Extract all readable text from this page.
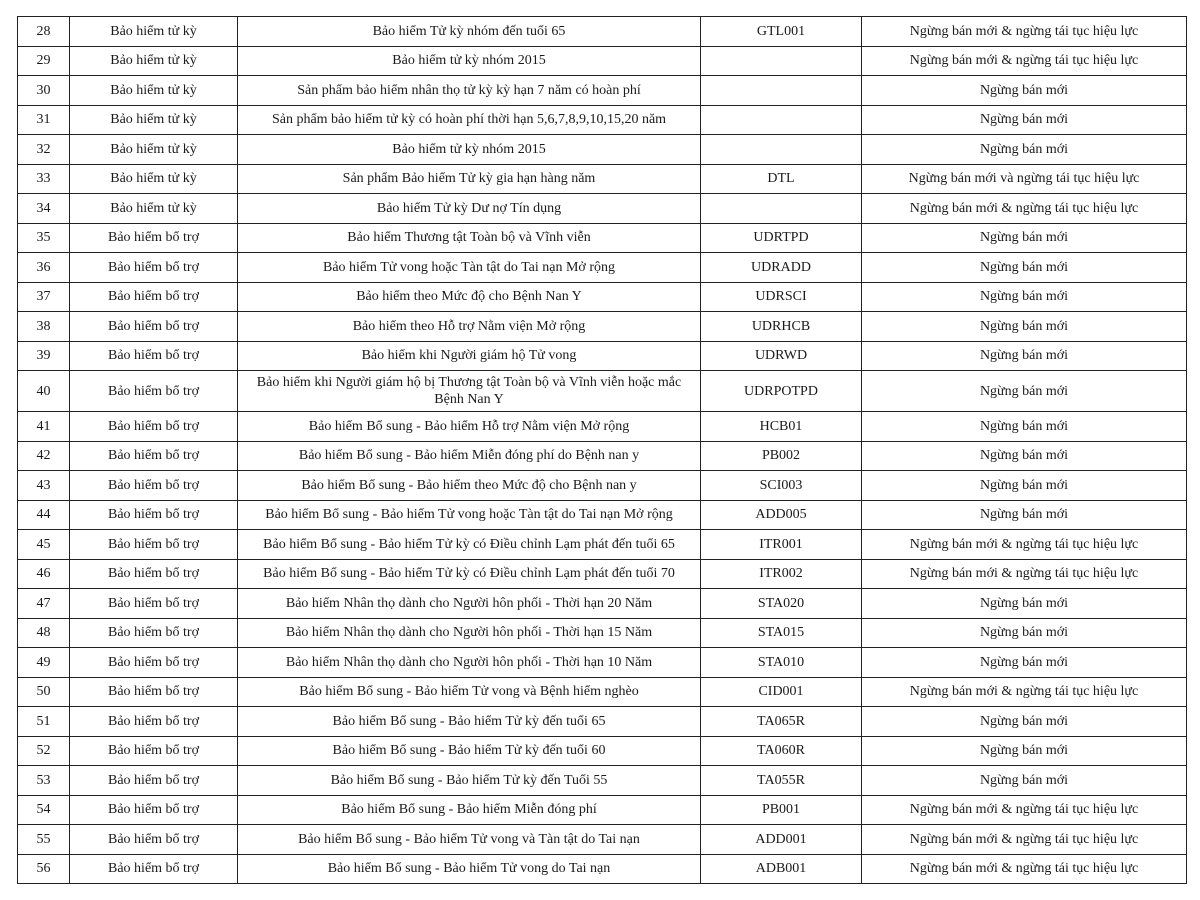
28	Bảo hiểm tử kỳ	Bảo hiểm Tử kỳ nhóm đến tuổi 65	GTL001	Ngừng bán mới & ngừng tái tục hiệu lực
29	Bảo hiểm tử kỳ	Bảo hiểm tử kỳ nhóm 2015		Ngừng bán mới & ngừng tái tục hiệu lực
30	Bảo hiểm tử kỳ	Sản phẩm bảo hiểm nhân thọ tử kỳ kỳ hạn 7 năm có hoàn phí		Ngừng bán mới
31	Bảo hiểm tử kỳ	Sản phẩm bảo hiểm tử kỳ có hoàn phí thời hạn 5,6,7,8,9,10,15,20 năm		Ngừng bán mới
32	Bảo hiểm tử kỳ	Bảo hiểm tử kỳ nhóm 2015		Ngừng bán mới
33	Bảo hiểm tử kỳ	Sản phẩm Bảo hiểm Tử kỳ gia hạn hàng năm	DTL	Ngừng bán mới và ngừng tái tục hiệu lực
34	Bảo hiểm tử kỳ	Bảo hiểm Tử kỳ Dư nợ Tín dụng		Ngừng bán mới & ngừng tái tục hiệu lực
35	Bảo hiểm bổ trợ	Bảo hiểm Thương tật Toàn bộ và Vĩnh viễn	UDRTPD	Ngừng bán mới
36	Bảo hiểm bổ trợ	Bảo hiểm Tử vong hoặc Tàn tật do Tai nạn Mở rộng	UDRADD	Ngừng bán mới
37	Bảo hiểm bổ trợ	Bảo hiểm theo Mức độ cho Bệnh Nan Y	UDRSCI	Ngừng bán mới
38	Bảo hiểm bổ trợ	Bảo hiểm theo Hỗ trợ Nằm viện Mở rộng	UDRHCB	Ngừng bán mới
39	Bảo hiểm bổ trợ	Bảo hiểm khi Người giám hộ Tử vong	UDRWD	Ngừng bán mới
40	Bảo hiểm bổ trợ	Bảo hiểm khi Người giám hộ bị Thương tật Toàn bộ và Vĩnh viễn hoặc mắc Bệnh Nan Y	UDRPOTPD	Ngừng bán mới
41	Bảo hiểm bổ trợ	Bảo hiểm Bổ sung - Bảo hiểm Hỗ trợ Nằm viện Mở rộng	HCB01	Ngừng bán mới
42	Bảo hiểm bổ trợ	Bảo hiểm Bổ sung - Bảo hiểm Miễn đóng phí do Bệnh nan y	PB002	Ngừng bán mới
43	Bảo hiểm bổ trợ	Bảo hiểm Bổ sung - Bảo hiểm theo Mức độ cho Bệnh nan y	SCI003	Ngừng bán mới
44	Bảo hiểm bổ trợ	Bảo hiểm Bổ sung - Bảo hiểm Tử vong hoặc Tàn tật do Tai nạn Mở rộng	ADD005	Ngừng bán mới
45	Bảo hiểm bổ trợ	Bảo hiểm Bổ sung - Bảo hiểm Tử kỳ có Điều chỉnh Lạm phát đến tuổi 65	ITR001	Ngừng bán mới & ngừng tái tục hiệu lực
46	Bảo hiểm bổ trợ	Bảo hiểm Bổ sung - Bảo hiểm Tử kỳ có Điều chỉnh Lạm phát đến tuổi 70	ITR002	Ngừng bán mới & ngừng tái tục hiệu lực
47	Bảo hiểm bổ trợ	Bảo hiểm Nhân thọ dành cho Người hôn phối - Thời hạn 20 Năm	STA020	Ngừng bán mới
48	Bảo hiểm bổ trợ	Bảo hiểm Nhân thọ dành cho Người hôn phối - Thời hạn 15 Năm	STA015	Ngừng bán mới
49	Bảo hiểm bổ trợ	Bảo hiểm Nhân thọ dành cho Người hôn phối - Thời hạn 10 Năm	STA010	Ngừng bán mới
50	Bảo hiểm bổ trợ	Bảo hiểm Bổ sung - Bảo hiểm Tử vong và Bệnh hiểm nghèo	CID001	Ngừng bán mới & ngừng tái tục hiệu lực
51	Bảo hiểm bổ trợ	Bảo hiểm Bổ sung - Bảo hiểm Tử kỳ đến tuổi 65	TA065R	Ngừng bán mới
52	Bảo hiểm bổ trợ	Bảo hiểm Bổ sung - Bảo hiểm Tử kỳ đến tuổi 60	TA060R	Ngừng bán mới
53	Bảo hiểm bổ trợ	Bảo hiểm Bổ sung - Bảo hiểm Tử kỳ đến Tuổi 55	TA055R	Ngừng bán mới
54	Bảo hiểm bổ trợ	Bảo hiểm Bổ sung - Bảo hiểm Miễn đóng phí	PB001	Ngừng bán mới & ngừng tái tục hiệu lực
55	Bảo hiểm bổ trợ	Bảo hiểm Bổ sung - Bảo hiểm Tử vong và Tàn tật do Tai nạn	ADD001	Ngừng bán mới & ngừng tái tục hiệu lực
56	Bảo hiểm bổ trợ	Bảo hiểm Bổ sung - Bảo hiểm Tử vong do Tai nạn	ADB001	Ngừng bán mới & ngừng tái tục hiệu lực
